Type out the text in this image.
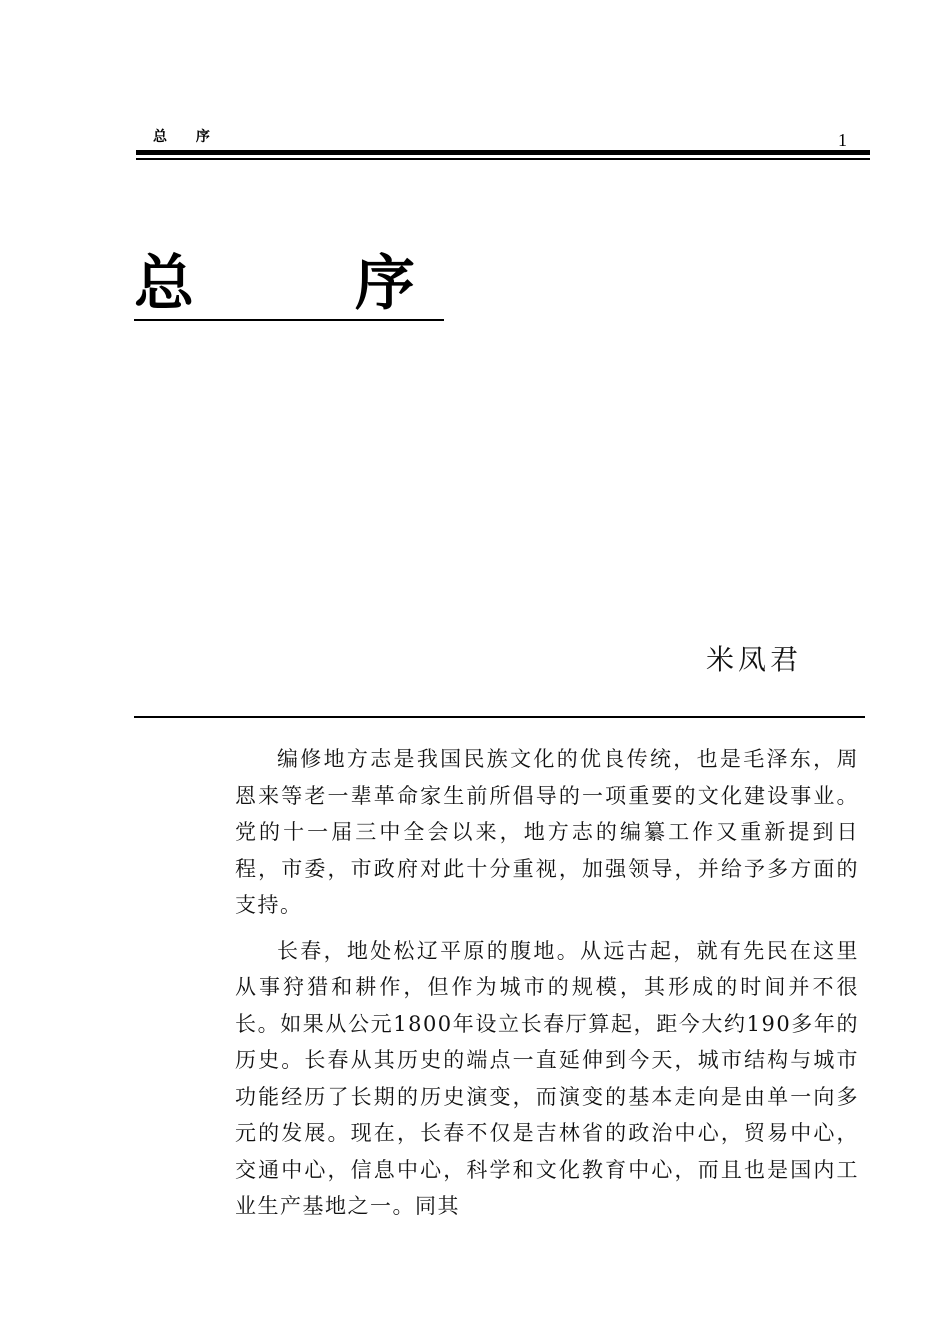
总 序	1
总 序
米凤君

编修地方志是我国民族文化的优良传统，也是毛泽东，周恩来等老一辈革命家生前所倡导的一项重要的文化建设事业。党的十一届三中全会以来，地方志的编纂工作又重新提到日程，市委，市政府对此十分重视，加强领导，并给予多方面的支持。

长春，地处松辽平原的腹地。从远古起，就有先民在这里从事狩猎和耕作，但作为城市的规模，其形成的时间并不很长。如果从公元1800年设立长春厅算起，距今大约190多年的历史。长春从其历史的端点一直延伸到今天，城市结构与城市功能经历了长期的历史演变，而演变的基本走向是由单一向多元的发展。现在，长春不仅是吉林省的政治中心，贸易中心，交通中心，信息中心，科学和文化教育中心，而且也是国内工业生产基地之一。同其
